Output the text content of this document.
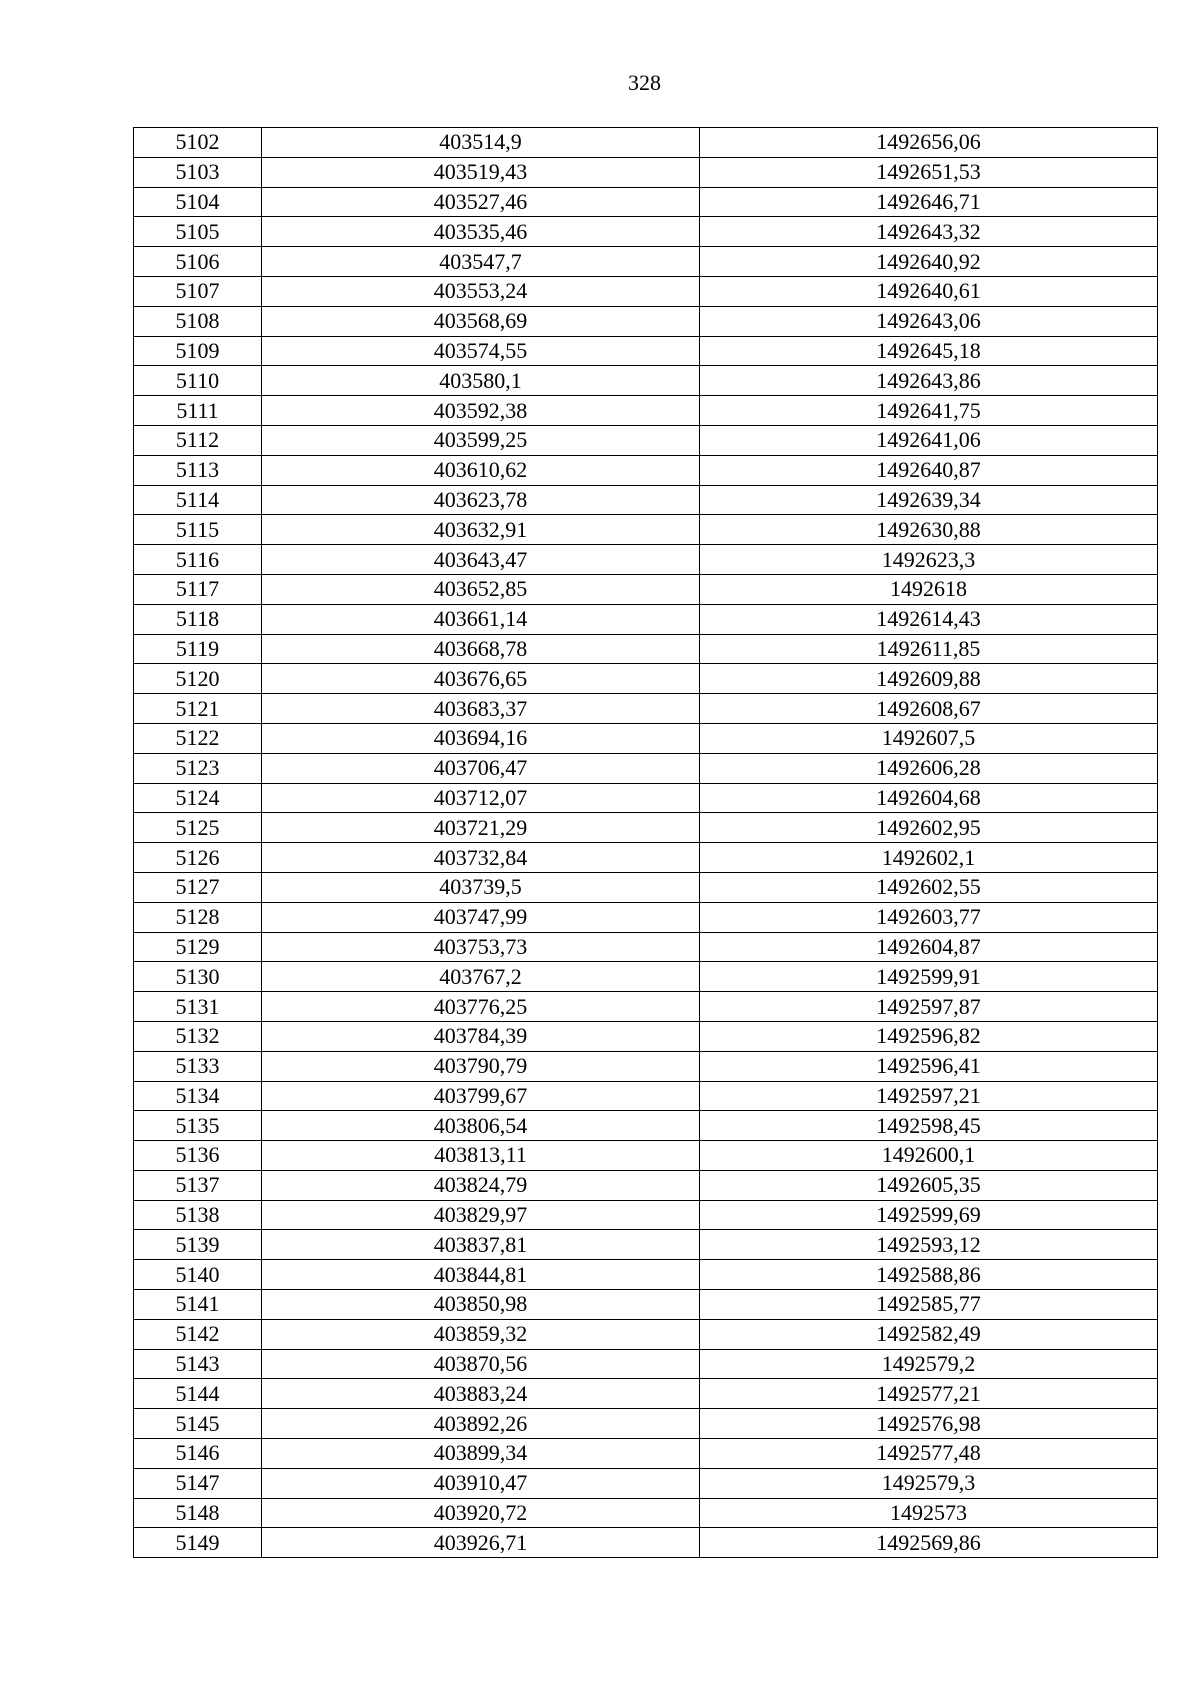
328
5102	403514,9	1492656,06
5103	403519,43	1492651,53
5104	403527,46	1492646,71
5105	403535,46	1492643,32
5106	403547,7	1492640,92
5107	403553,24	1492640,61
5108	403568,69	1492643,06
5109	403574,55	1492645,18
5110	403580,1	1492643,86
5111	403592,38	1492641,75
5112	403599,25	1492641,06
5113	403610,62	1492640,87
5114	403623,78	1492639,34
5115	403632,91	1492630,88
5116	403643,47	1492623,3
5117	403652,85	1492618
5118	403661,14	1492614,43
5119	403668,78	1492611,85
5120	403676,65	1492609,88
5121	403683,37	1492608,67
5122	403694,16	1492607,5
5123	403706,47	1492606,28
5124	403712,07	1492604,68
5125	403721,29	1492602,95
5126	403732,84	1492602,1
5127	403739,5	1492602,55
5128	403747,99	1492603,77
5129	403753,73	1492604,87
5130	403767,2	1492599,91
5131	403776,25	1492597,87
5132	403784,39	1492596,82
5133	403790,79	1492596,41
5134	403799,67	1492597,21
5135	403806,54	1492598,45
5136	403813,11	1492600,1
5137	403824,79	1492605,35
5138	403829,97	1492599,69
5139	403837,81	1492593,12
5140	403844,81	1492588,86
5141	403850,98	1492585,77
5142	403859,32	1492582,49
5143	403870,56	1492579,2
5144	403883,24	1492577,21
5145	403892,26	1492576,98
5146	403899,34	1492577,48
5147	403910,47	1492579,3
5148	403920,72	1492573
5149	403926,71	1492569,86
